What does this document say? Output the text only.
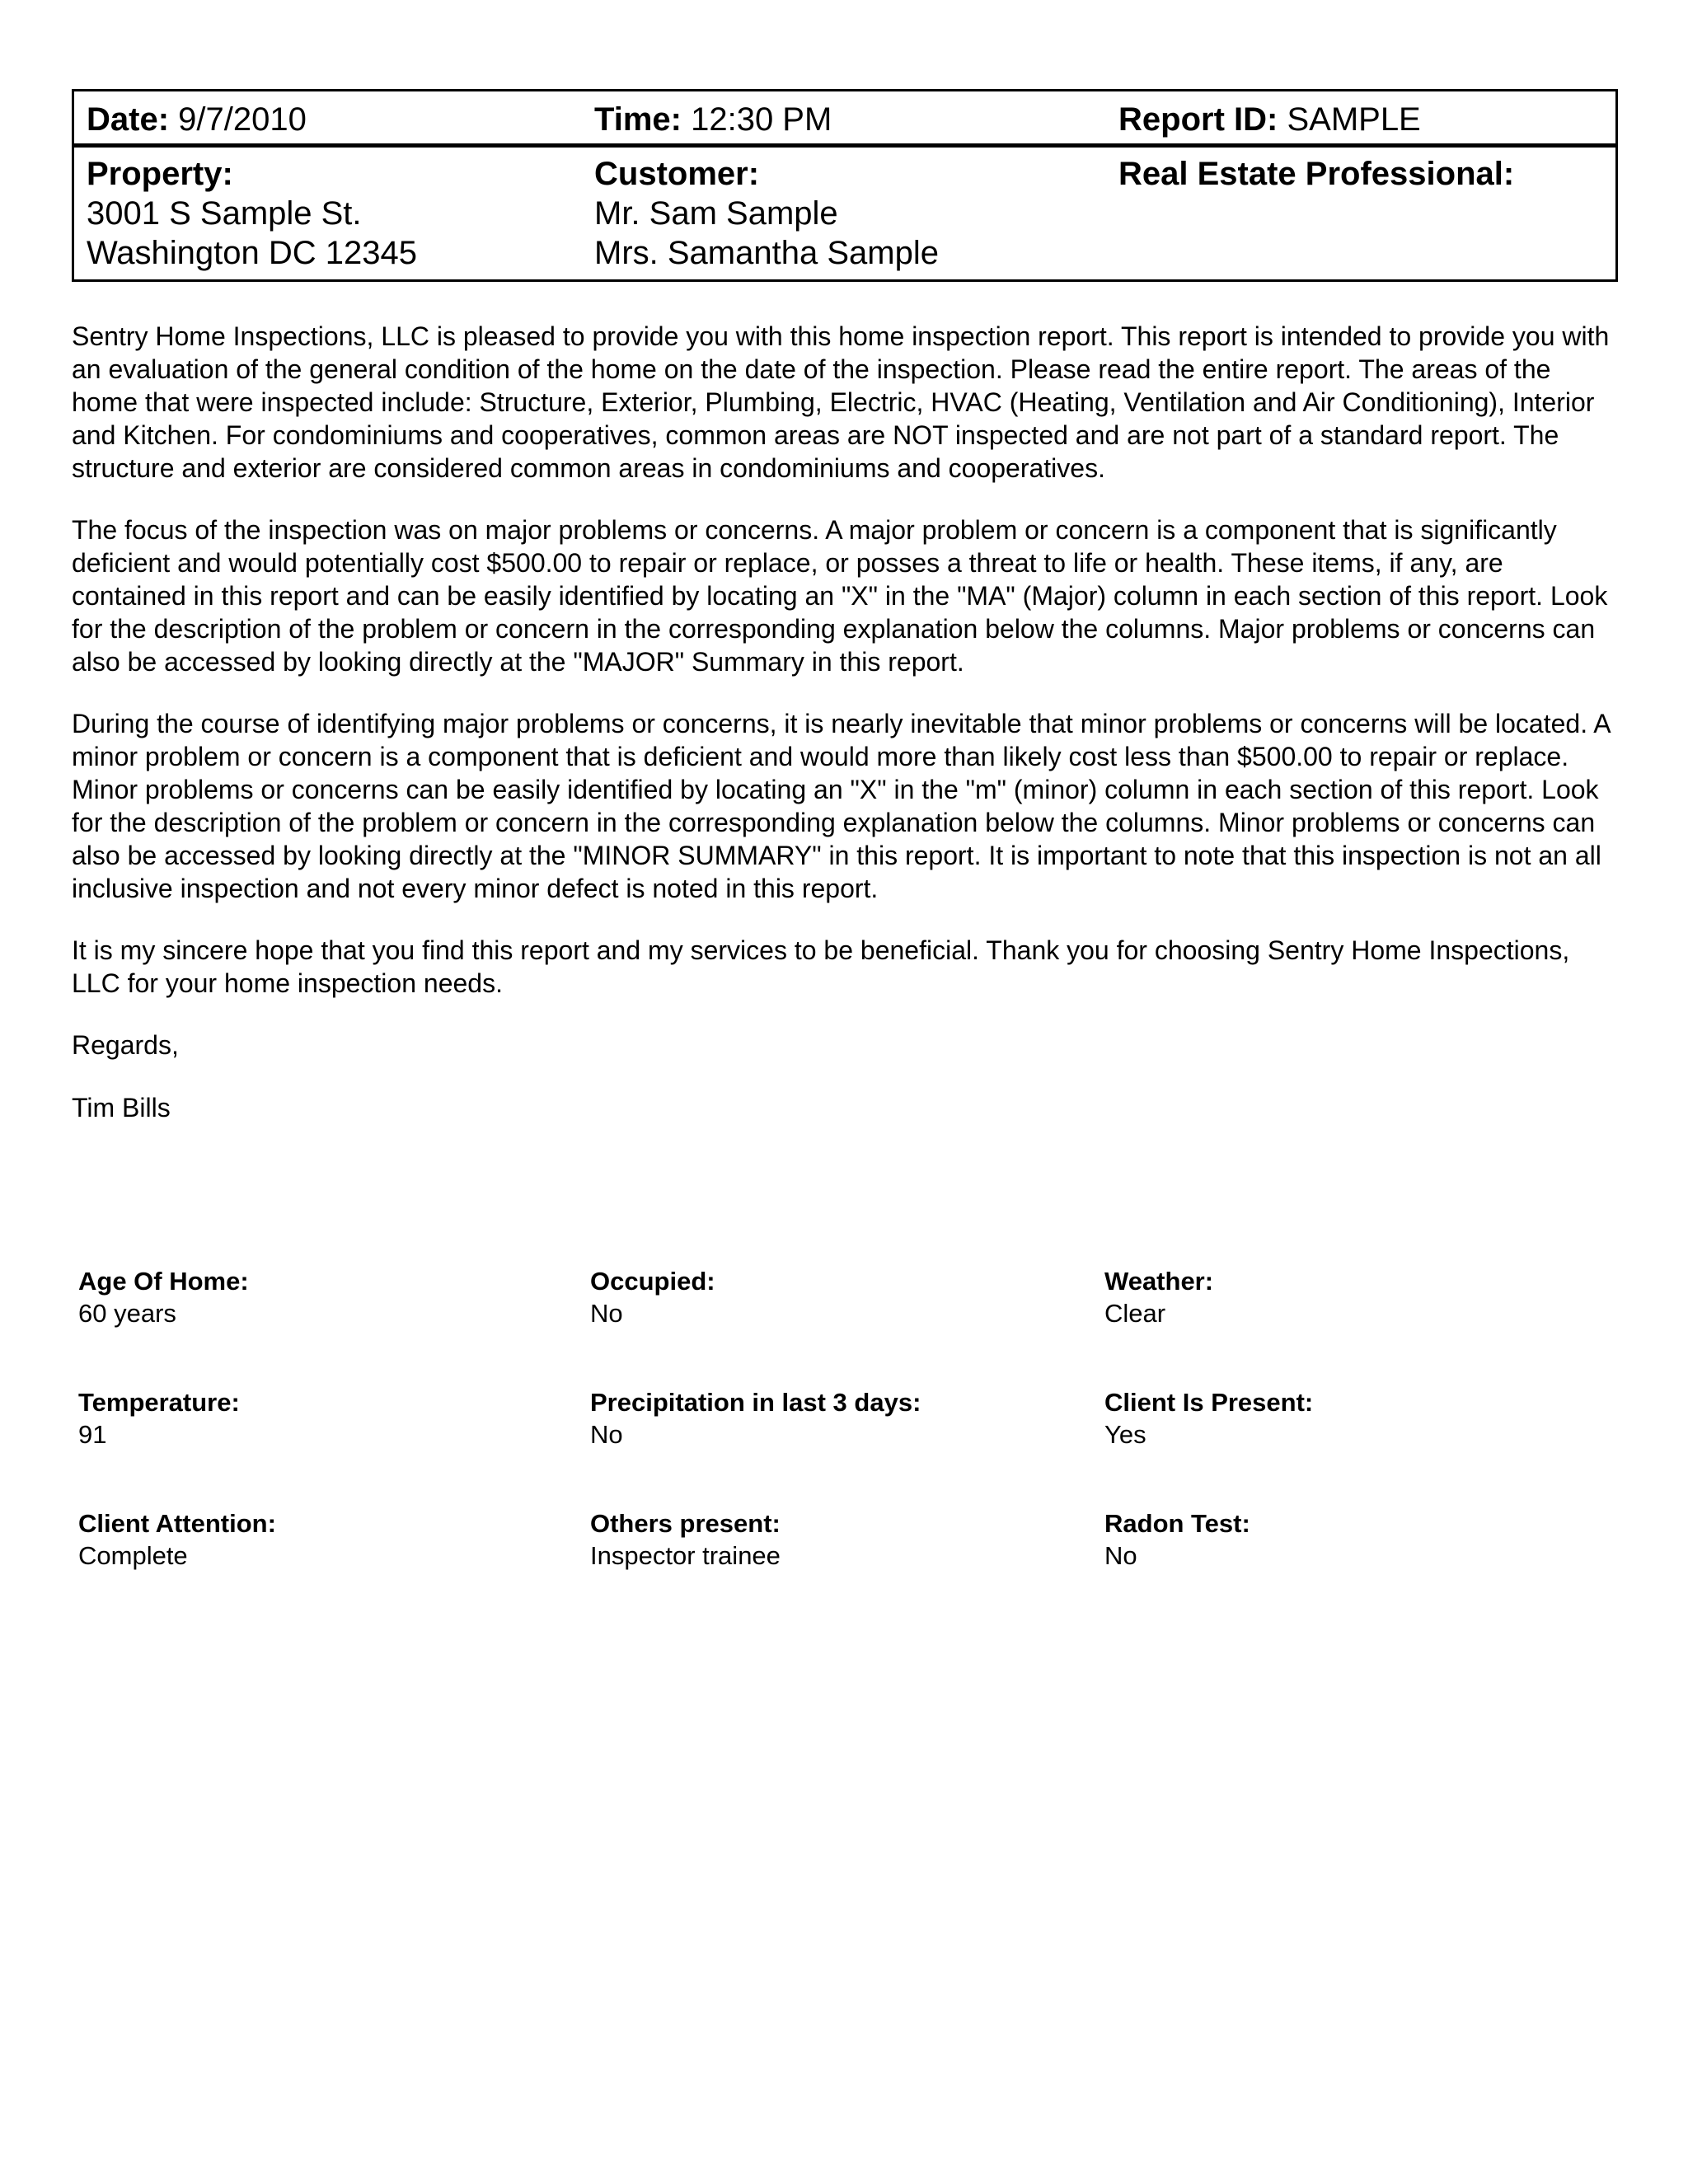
Date: 9/7/2010	Time: 12:30 PM	Report ID: SAMPLE
Property:
3001 S Sample St.
Washington DC 12345
Customer:
Mr. Sam Sample
Mrs. Samantha Sample
Real Estate Professional:

Sentry Home Inspections, LLC is pleased to provide you with this home inspection report. This report is intended to provide you with an evaluation of the general condition of the home on the date of the inspection. Please read the entire report. The areas of the home that were inspected include: Structure, Exterior, Plumbing, Electric, HVAC (Heating, Ventilation and Air Conditioning), Interior and Kitchen. For condominiums and cooperatives, common areas are NOT inspected and are not part of a standard report. The structure and exterior are considered common areas in condominiums and cooperatives.

The focus of the inspection was on major problems or concerns. A major problem or concern is a component that is significantly deficient and would potentially cost $500.00 to repair or replace, or posses a threat to life or health. These items, if any, are contained in this report and can be easily identified by locating an "X" in the "MA" (Major) column in each section of this report. Look for the description of the problem or concern in the corresponding explanation below the columns. Major problems or concerns can also be accessed by looking directly at the "MAJOR" Summary in this report.

During the course of identifying major problems or concerns, it is nearly inevitable that minor problems or concerns will be located. A minor problem or concern is a component that is deficient and would more than likely cost less than $500.00 to repair or replace. Minor problems or concerns can be easily identified by locating an "X" in the "m" (minor) column in each section of this report. Look for the description of the problem or concern in the corresponding explanation below the columns. Minor problems or concerns can also be accessed by looking directly at the "MINOR SUMMARY" in this report. It is important to note that this inspection is not an all inclusive inspection and not every minor defect is noted in this report.

It is my sincere hope that you find this report and my services to be beneficial. Thank you for choosing Sentry Home Inspections, LLC for your home inspection needs.

Regards,

Tim Bills

Age Of Home:
60 years
Occupied:
No
Weather:
Clear
Temperature:
91
Precipitation in last 3 days:
No
Client Is Present:
Yes
Client Attention:
Complete
Others present:
Inspector trainee
Radon Test:
No
